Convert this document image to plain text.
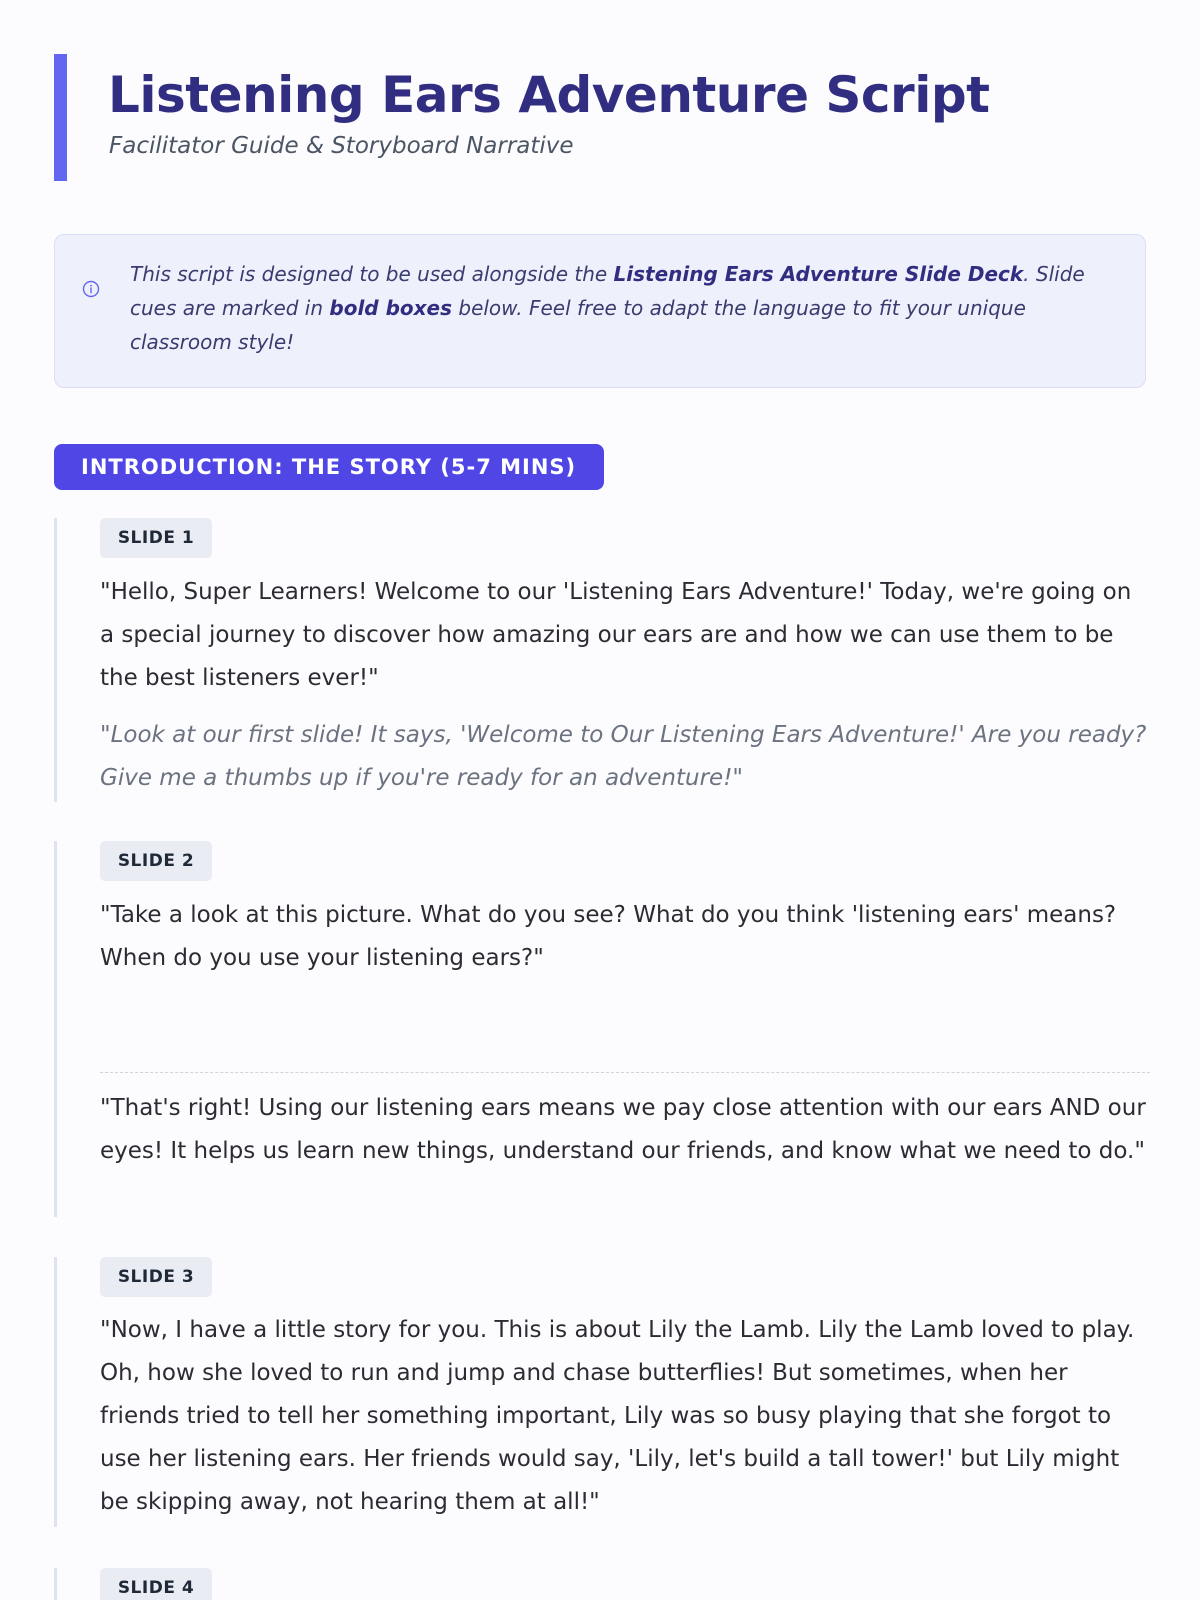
Listening Ears Adventure Script

Facilitator Guide & Storyboard Narrative

This script is designed to be used alongside the Listening Ears Adventure Slide Deck. Slide cues are marked in bold boxes below. Feel free to adapt the language to fit your unique classroom style!

INTRODUCTION: THE STORY (5-7 MINS)
SLIDE 1

"Hello, Super Learners! Welcome to our 'Listening Ears Adventure!' Today, we're going on a special journey to discover how amazing our ears are and how we can use them to be the best listeners ever!"

"Look at our first slide! It says, 'Welcome to Our Listening Ears Adventure!' Are you ready? Give me a thumbs up if you're ready for an adventure!"

SLIDE 2

"Take a look at this picture. What do you see? What do you think 'listening ears' means? When do you use your listening ears?"

"That's right! Using our listening ears means we pay close attention with our ears AND our eyes! It helps us learn new things, understand our friends, and know what we need to do."

SLIDE 3

"Now, I have a little story for you. This is about Lily the Lamb. Lily the Lamb loved to play. Oh, how she loved to run and jump and chase butterflies! But sometimes, when her friends tried to tell her something important, Lily was so busy playing that she forgot to use her listening ears. Her friends would say, 'Lily, let's build a tall tower!' but Lily might be skipping away, not hearing them at all!"

SLIDE 4
